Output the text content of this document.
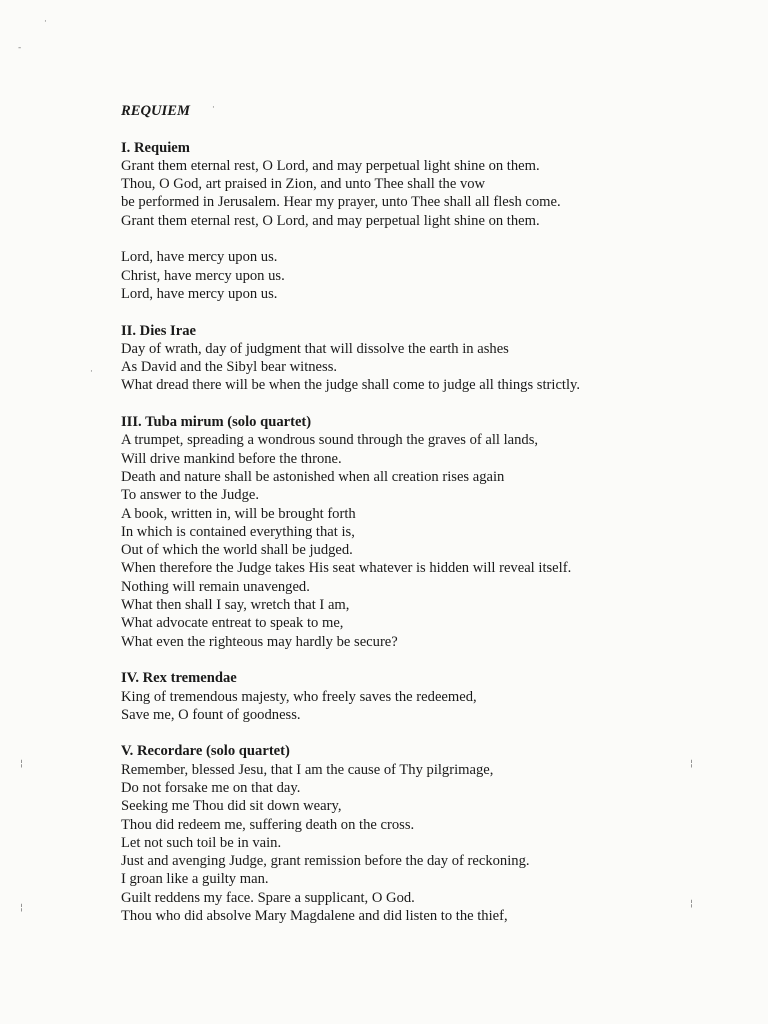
·
-
·
·
¦	¦
¦	¦
REQUIEM
I. Requiem
Grant them eternal rest, O Lord, and may perpetual light shine on them.
Thou, O God, art praised in Zion, and unto Thee shall the vow
be performed in Jerusalem. Hear my prayer, unto Thee shall all flesh come.
Grant them eternal rest, O Lord, and may perpetual light shine on them.
Lord, have mercy upon us.
Christ, have mercy upon us.
Lord, have mercy upon us.
II. Dies Irae
Day of wrath, day of judgment that will dissolve the earth in ashes
As David and the Sibyl bear witness.
What dread there will be when the judge shall come to judge all things strictly.
III. Tuba mirum (solo quartet)
A trumpet, spreading a wondrous sound through the graves of all lands,
Will drive mankind before the throne.
Death and nature shall be astonished when all creation rises again
To answer to the Judge.
A book, written in, will be brought forth
In which is contained everything that is,
Out of which the world shall be judged.
When therefore the Judge takes His seat whatever is hidden will reveal itself.
Nothing will remain unavenged.
What then shall I say, wretch that I am,
What advocate entreat to speak to me,
What even the righteous may hardly be secure?
IV. Rex tremendae
King of tremendous majesty, who freely saves the redeemed,
Save me, O fount of goodness.
V. Recordare (solo quartet)
Remember, blessed Jesu, that I am the cause of Thy pilgrimage,
Do not forsake me on that day.
Seeking me Thou did sit down weary,
Thou did redeem me, suffering death on the cross.
Let not such toil be in vain.
Just and avenging Judge, grant remission before the day of reckoning.
I groan like a guilty man.
Guilt reddens my face. Spare a supplicant, O God.
Thou who did absolve Mary Magdalene and did listen to the thief,
